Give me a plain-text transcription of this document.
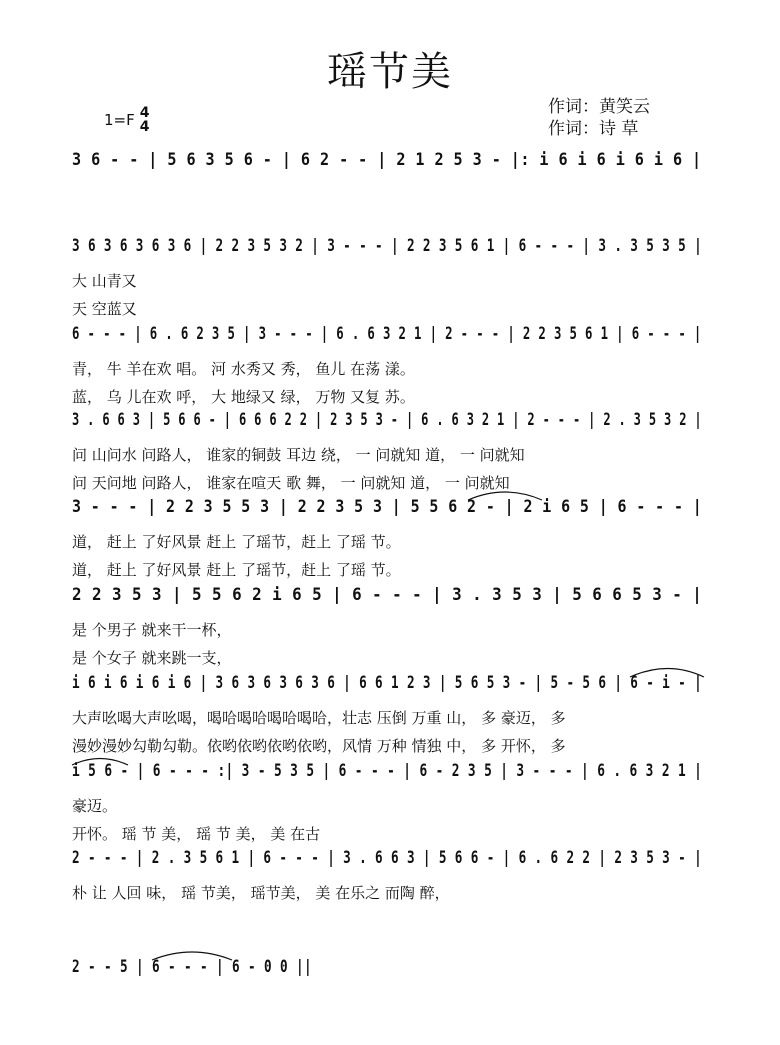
瑶节美
作词：黄笑云
作词：诗 草
1=F 4
4
3 6 - - | 5 6 3 5 6 - | 6 2 - - | 2 1 2 5 3 - |: i 6 i 6 i 6 i 6 |
3 6 3 6 3 6 3 6 | 2 2 3 5 3 2 | 3 - - - | 2 2 3 5 6 1 | 6 - - - | 3 . 3 5 3 5 |
大 山青又
天 空蓝又
6 - - - | 6 . 6 2 3 5 | 3 - - - | 6 . 6 3 2 1 | 2 - - - | 2 2 3 5 6 1 | 6 - - - |
青， 牛 羊在欢 唱。 河 水秀又 秀， 鱼儿 在荡 漾。
蓝， 乌 儿在欢 呼， 大 地绿又 绿， 万物 又复 苏。
3 . 6 6 3 | 5 6 6 - | 6 6 6 2 2 | 2 3 5 3 - | 6 . 6 3 2 1 | 2 - - - | 2 . 3 5 3 2 |
问 山问水 问路人， 谁家的铜鼓 耳边 绕， 一 问就知 道， 一 问就知
问 天问地 问路人， 谁家在喧天 歌 舞， 一 问就知 道， 一 问就知
3 - - - | 2 2 3 5 5 3 | 2 2 3 5 3 | 5 5 6 2 - | 2 i 6 5 | 6 - - - |
道， 赶上 了好风景 赶上 了瑶节，赶上 了瑶 节。
道， 赶上 了好风景 赶上 了瑶节，赶上 了瑶 节。
2 2 3 5 3 | 5 5 6 2 i 6 5 | 6 - - - | 3 . 3 5 3 | 5 6 6 5 3 - |
是 个男子 就来干一杯，
是 个女子 就来跳一支，
i 6 i 6 i 6 i 6 | 3 6 3 6 3 6 3 6 | 6 6 1 2 3 | 5 6 5 3 - | 5 - 5 6 | 6 - i - |
大声吆喝大声吆喝，喝哈喝哈喝哈喝哈，壮志 压倒 万重 山， 多 豪迈， 多
漫妙漫妙勾勒勾勒。依哟依哟依哟依哟，风情 万种 情独 中， 多 开怀， 多
i 5 6 - | 6 - - - :| 3 - 5 3 5 | 6 - - - | 6 - 2 3 5 | 3 - - - | 6 . 6 3 2 1 |
豪迈。
开怀。 瑶 节 美， 瑶 节 美， 美 在古
2 - - - | 2 . 3 5 6 1 | 6 - - - | 3 . 6 6 3 | 5 6 6 - | 6 . 6 2 2 | 2 3 5 3 - |
朴 让 人回 味， 瑶 节美， 瑶节美， 美 在乐之 而陶 醉，
2 - - 5 | 6 - - - | 6 - 0 0 ||
